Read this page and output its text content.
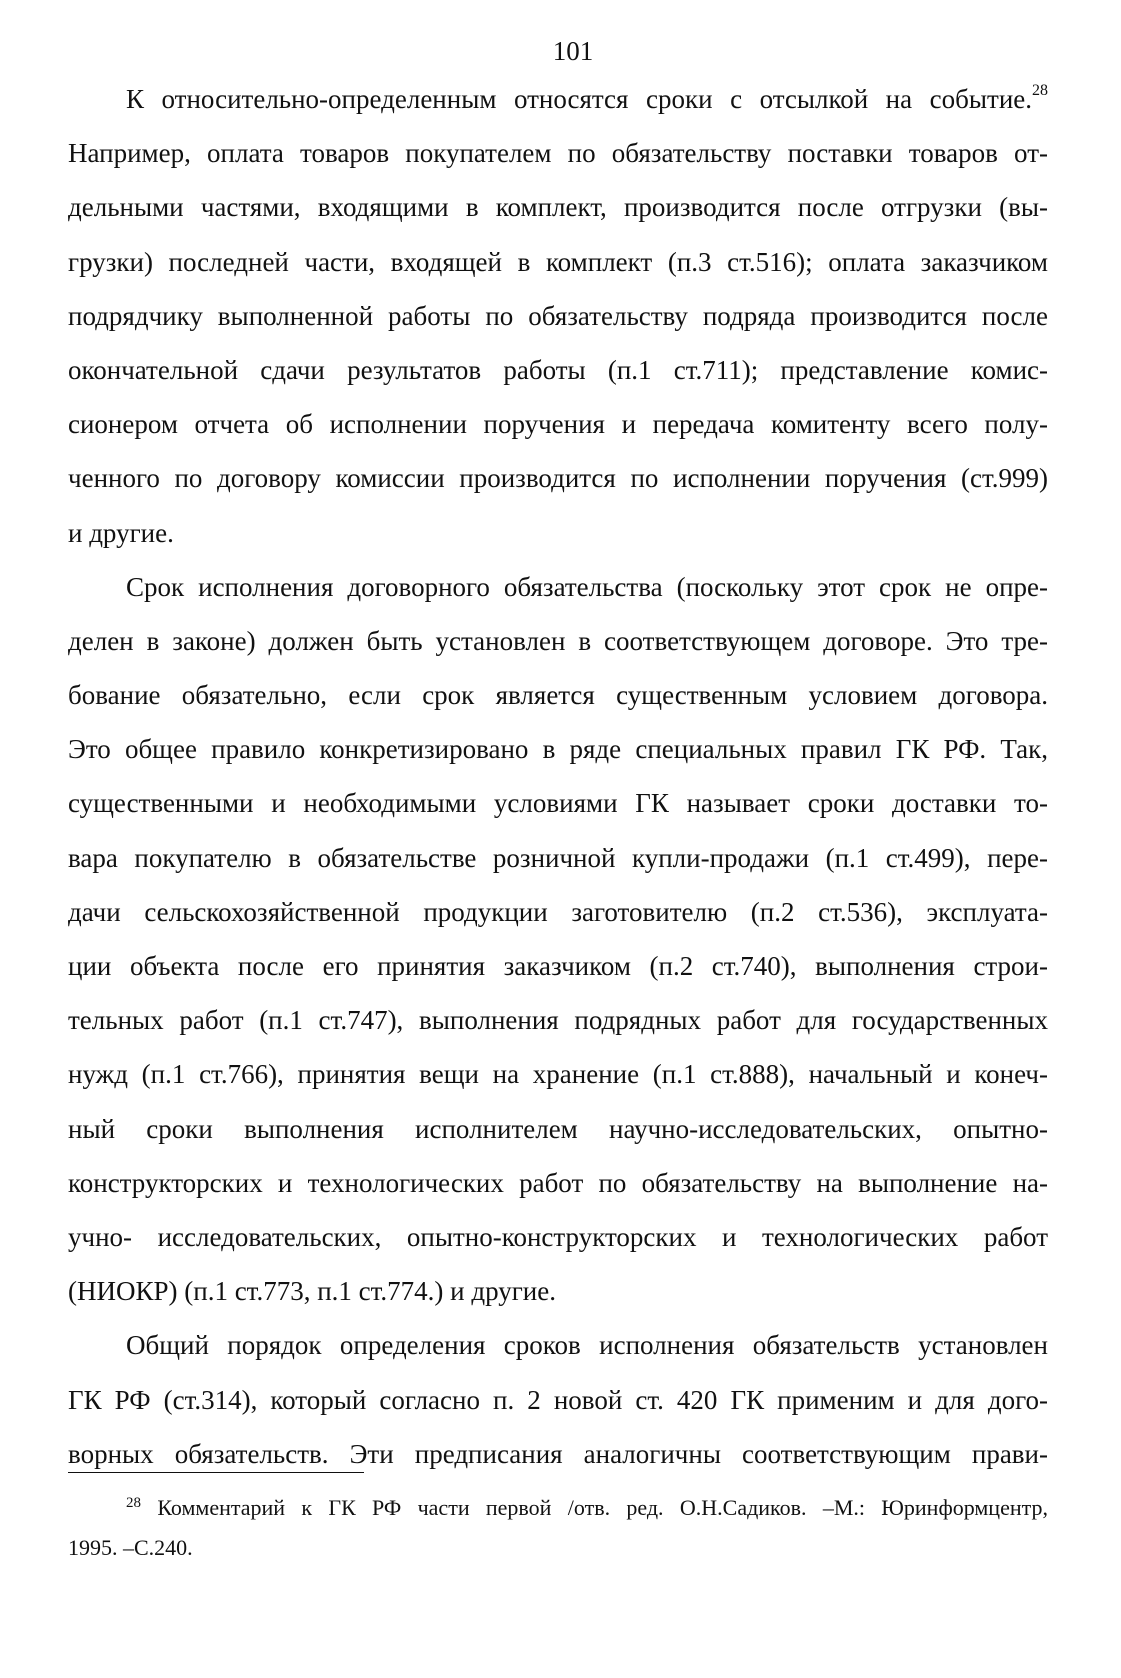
101
К относительно-определенным относятся сроки с отсылкой на событие.$^{28}$
Например, оплата товаров покупателем по обязательству поставки товаров от-
дельными частями, входящими в комплект, производится после отгрузки (вы-
грузки) последней части, входящей в комплект (п.3 ст.516); оплата заказчиком
подрядчику выполненной работы по обязательству подряда производится после
окончательной сдачи результатов работы (п.1 ст.711); представление комис-
сионером отчета об исполнении поручения и передача комитенту всего полу-
ченного по договору комиссии производится по исполнении поручения (ст.999)
и другие.
Срок исполнения договорного обязательства (поскольку этот срок не опре-
делен в законе) должен быть установлен в соответствующем договоре. Это тре-
бование обязательно, если срок является существенным условием договора.
Это общее правило конкретизировано в ряде специальных правил ГК РФ. Так,
существенными и необходимыми условиями ГК называет сроки доставки то-
вара покупателю в обязательстве розничной купли-продажи (п.1 ст.499), пере-
дачи сельскохозяйственной продукции заготовителю (п.2 ст.536), эксплуата-
ции объекта после его принятия заказчиком (п.2 ст.740), выполнения строи-
тельных работ (п.1 ст.747), выполнения подрядных работ для государственных
нужд (п.1 ст.766), принятия вещи на хранение (п.1 ст.888), начальный и конеч-
ный сроки выполнения исполнителем научно-исследовательских, опытно-
конструкторских и технологических работ по обязательству на выполнение на-
учно- исследовательских, опытно-конструкторских и технологических работ
(НИОКР) (п.1 ст.773, п.1 ст.774.) и другие.
Общий порядок определения сроков исполнения обязательств установлен
ГК РФ (ст.314), который согласно п. 2 новой ст. 420 ГК применим и для дого-
ворных обязательств. Эти предписания аналогичны соответствующим прави-
$^{28}$ Комментарий к ГК РФ части первой /отв. ред. О.Н.Садиков. –М.: Юринформцентр,
1995. –С.240.
